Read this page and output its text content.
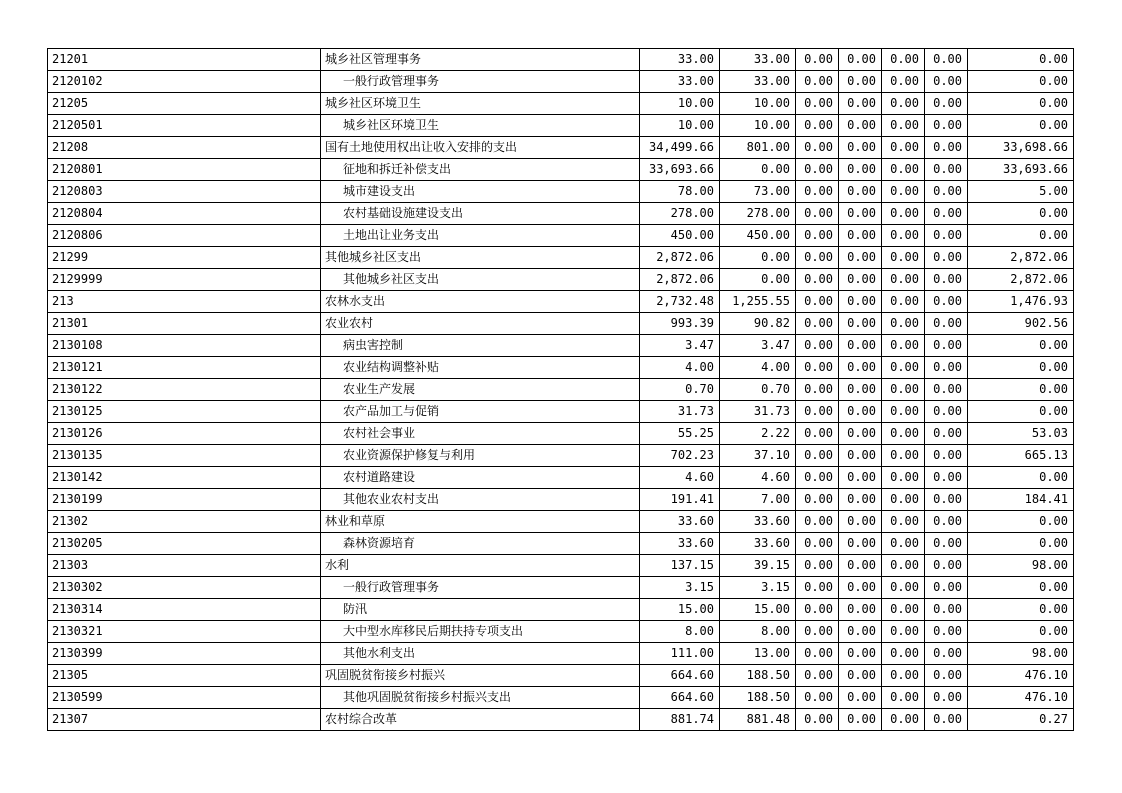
21201	城乡社区管理事务	33.00	33.00	0.00	0.00	0.00	0.00	0.00
2120102	一般行政管理事务	33.00	33.00	0.00	0.00	0.00	0.00	0.00
21205	城乡社区环境卫生	10.00	10.00	0.00	0.00	0.00	0.00	0.00
2120501	城乡社区环境卫生	10.00	10.00	0.00	0.00	0.00	0.00	0.00
21208	国有土地使用权出让收入安排的支出	34,499.66	801.00	0.00	0.00	0.00	0.00	33,698.66
2120801	征地和拆迁补偿支出	33,693.66	0.00	0.00	0.00	0.00	0.00	33,693.66
2120803	城市建设支出	78.00	73.00	0.00	0.00	0.00	0.00	5.00
2120804	农村基础设施建设支出	278.00	278.00	0.00	0.00	0.00	0.00	0.00
2120806	土地出让业务支出	450.00	450.00	0.00	0.00	0.00	0.00	0.00
21299	其他城乡社区支出	2,872.06	0.00	0.00	0.00	0.00	0.00	2,872.06
2129999	其他城乡社区支出	2,872.06	0.00	0.00	0.00	0.00	0.00	2,872.06
213	农林水支出	2,732.48	1,255.55	0.00	0.00	0.00	0.00	1,476.93
21301	农业农村	993.39	90.82	0.00	0.00	0.00	0.00	902.56
2130108	病虫害控制	3.47	3.47	0.00	0.00	0.00	0.00	0.00
2130121	农业结构调整补贴	4.00	4.00	0.00	0.00	0.00	0.00	0.00
2130122	农业生产发展	0.70	0.70	0.00	0.00	0.00	0.00	0.00
2130125	农产品加工与促销	31.73	31.73	0.00	0.00	0.00	0.00	0.00
2130126	农村社会事业	55.25	2.22	0.00	0.00	0.00	0.00	53.03
2130135	农业资源保护修复与利用	702.23	37.10	0.00	0.00	0.00	0.00	665.13
2130142	农村道路建设	4.60	4.60	0.00	0.00	0.00	0.00	0.00
2130199	其他农业农村支出	191.41	7.00	0.00	0.00	0.00	0.00	184.41
21302	林业和草原	33.60	33.60	0.00	0.00	0.00	0.00	0.00
2130205	森林资源培育	33.60	33.60	0.00	0.00	0.00	0.00	0.00
21303	水利	137.15	39.15	0.00	0.00	0.00	0.00	98.00
2130302	一般行政管理事务	3.15	3.15	0.00	0.00	0.00	0.00	0.00
2130314	防汛	15.00	15.00	0.00	0.00	0.00	0.00	0.00
2130321	大中型水库移民后期扶持专项支出	8.00	8.00	0.00	0.00	0.00	0.00	0.00
2130399	其他水利支出	111.00	13.00	0.00	0.00	0.00	0.00	98.00
21305	巩固脱贫衔接乡村振兴	664.60	188.50	0.00	0.00	0.00	0.00	476.10
2130599	其他巩固脱贫衔接乡村振兴支出	664.60	188.50	0.00	0.00	0.00	0.00	476.10
21307	农村综合改革	881.74	881.48	0.00	0.00	0.00	0.00	0.27
